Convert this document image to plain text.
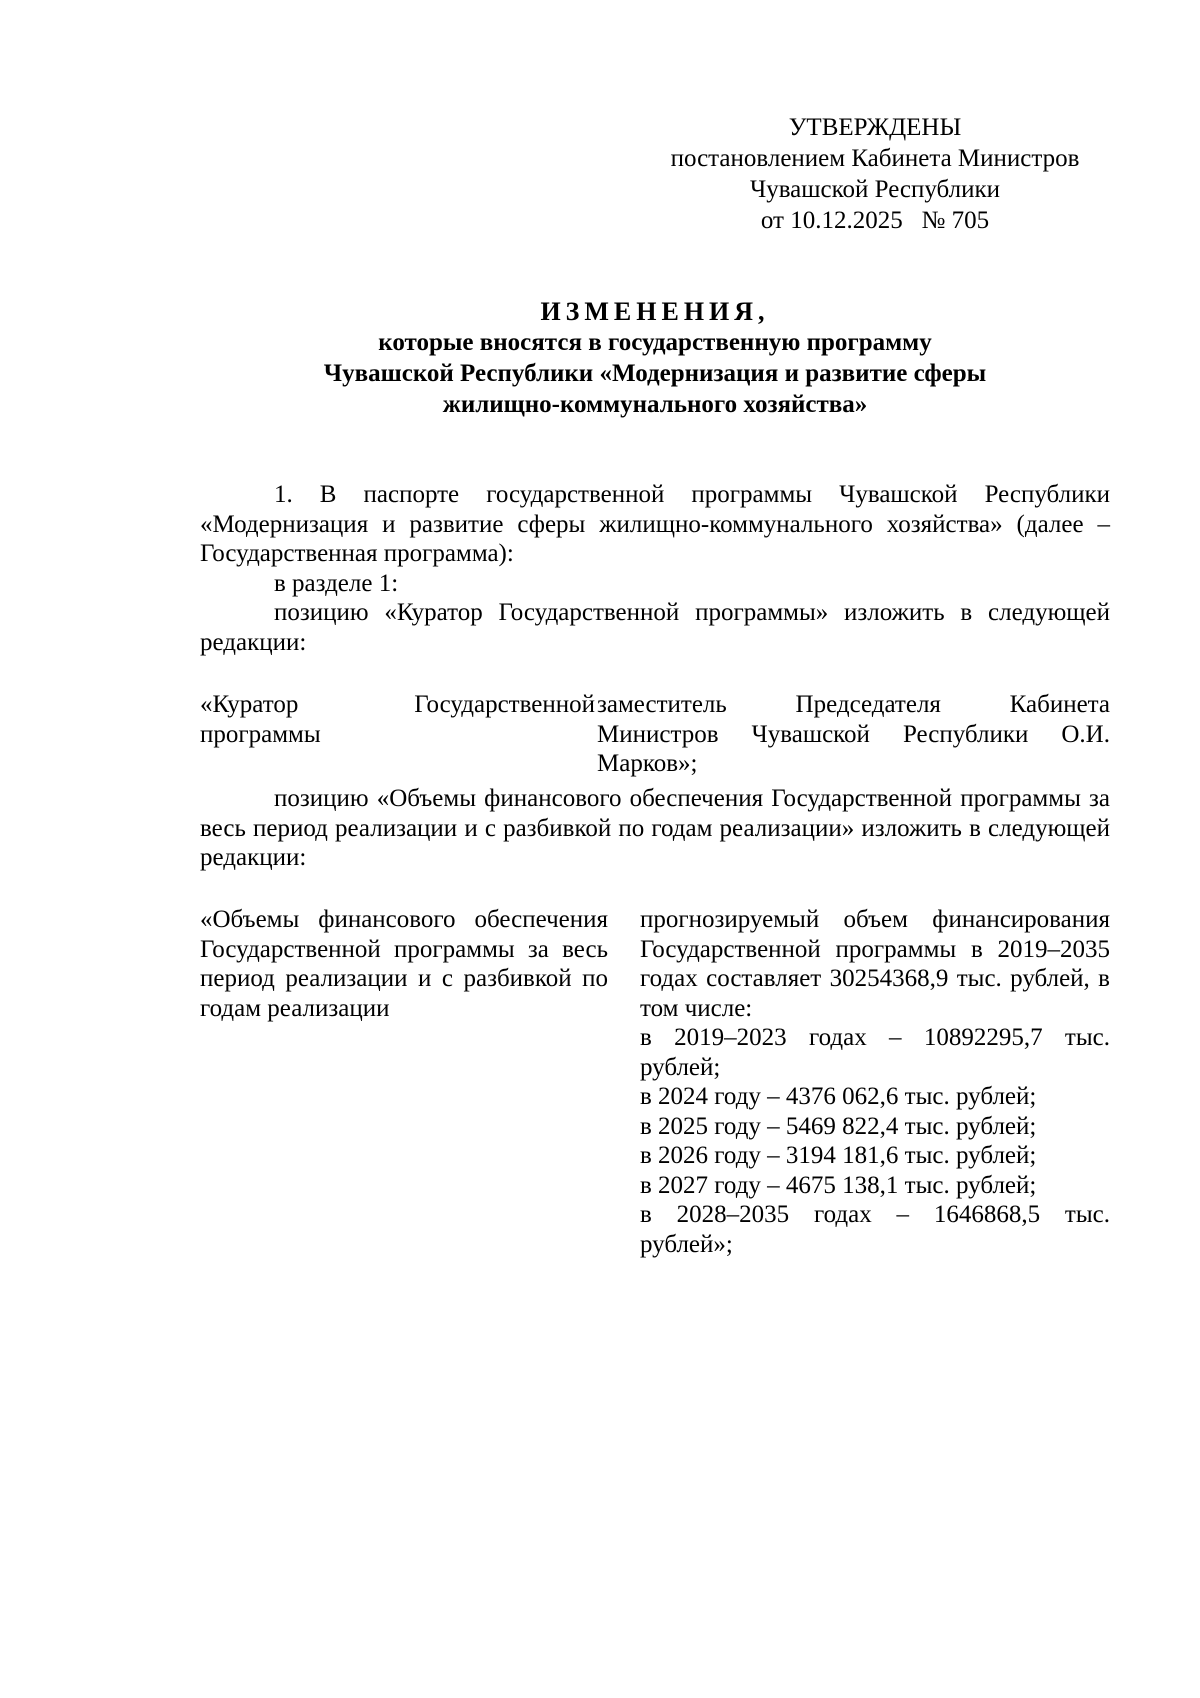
УТВЕРЖДЕНЫ
постановлением Кабинета Министров
Чувашской Республики
от 10.12.2025   № 705
ИЗМЕНЕНИЯ,
которые вносятся в государственную программу
Чувашской Республики «Модернизация и развитие сферы
жилищно-коммунального хозяйства»

1. В паспорте государственной программы Чувашской Республики «Модернизация и развитие сферы жилищно-коммунального хозяйства» (далее – Государственная программа):

в разделе 1:

позицию «Куратор Государственной программы» изложить в следующей редакции:

«Куратор Государственной программы
заместитель Председателя Кабинета Министров Чувашской Республики О.И. Марков»;

позицию «Объемы финансового обеспечения Государственной программы за весь период реализации и с разбивкой по годам реализации» изложить в следующей редакции:

«Объемы финансового обеспечения Государственной программы за весь период реализации и с разбивкой по годам реализации

прогнозируемый объем финансирования Государственной программы в 2019–2035 годах составляет 30254368,9 тыс. рублей, в том числе:

в 2019–2023 годах – 10892295,7 тыс. рублей;

в 2024 году – 4376 062,6 тыс. рублей;

в 2025 году – 5469 822,4 тыс. рублей;

в 2026 году – 3194 181,6 тыс. рублей;

в 2027 году – 4675 138,1 тыс. рублей;

в 2028–2035 годах – 1646868,5 тыс. рублей»;
